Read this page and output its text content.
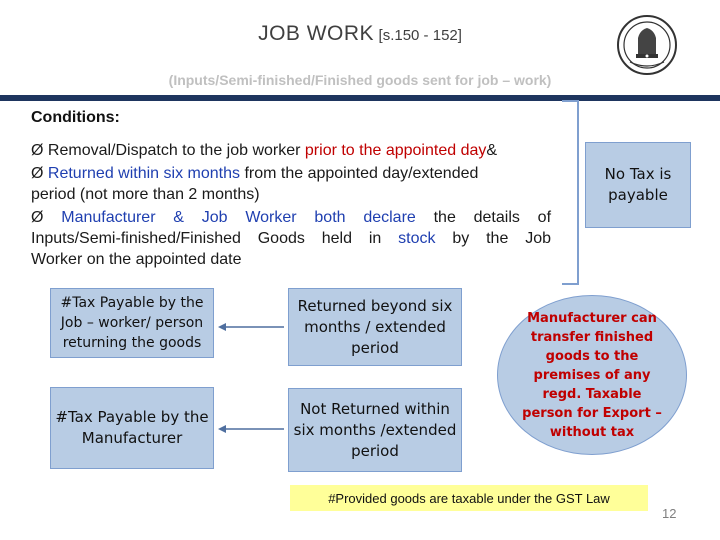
JOB WORK [s.150 - 152]
(Inputs/Semi-finished/Finished goods sent for job – work)
Conditions:
Ø Removal/Dispatch to the job worker prior to the appointed day&
Ø Returned within six months from the appointed day/extended
period (not more than 2 months)
Ø Manufacturer & Job Worker both declare the details of
Inputs/Semi-finished/Finished Goods held in stock by the Job
Worker on the appointed date
No Tax is payable
#Tax Payable by the Job – worker/ person returning the goods
#Tax Payable by the Manufacturer
Returned beyond six months / extended period
Not Returned within six months /extended period
Manufacturer can transfer finished goods to the premises of any regd. Taxable person for Export – without tax
#Provided goods are taxable under the GST Law
12
